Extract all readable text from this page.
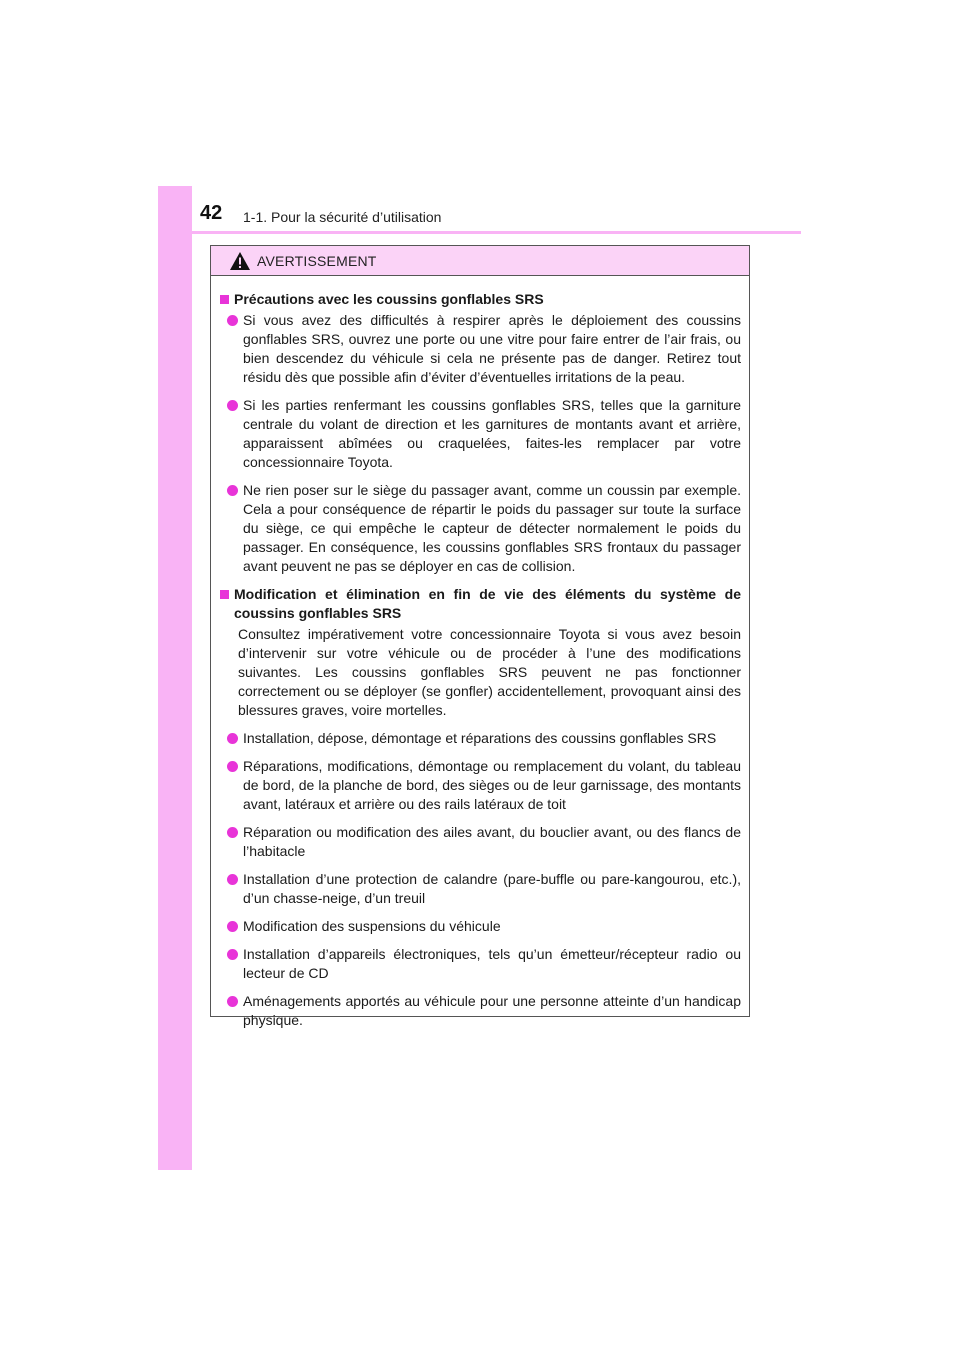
42 1-1. Pour la sécurité d’utilisation
AVERTISSEMENT
Précautions avec les coussins gonflables SRS
Si vous avez des difficultés à respirer après le déploiement des coussins gonflables SRS, ouvrez une porte ou une vitre pour faire entrer de l’air frais, ou bien descendez du véhicule si cela ne présente pas de danger. Retirez tout résidu dès que possible afin d’éviter d’éventuelles irritations de la peau.
Si les parties renfermant les coussins gonflables SRS, telles que la garniture centrale du volant de direction et les garnitures de montants avant et arrière, apparaissent abîmées ou craquelées, faites-les remplacer par votre concessionnaire Toyota.
Ne rien poser sur le siège du passager avant, comme un coussin par exemple. Cela a pour conséquence de répartir le poids du passager sur toute la surface du siège, ce qui empêche le capteur de détecter normalement le poids du passager. En conséquence, les coussins gonflables SRS frontaux du passager avant peuvent ne pas se déployer en cas de collision.
Modification et élimination en fin de vie des éléments du système de coussins gonflables SRS
Consultez impérativement votre concessionnaire Toyota si vous avez besoin d’intervenir sur votre véhicule ou de procéder à l’une des modifications suivantes. Les coussins gonflables SRS peuvent ne pas fonctionner correctement ou se déployer (se gonfler) accidentellement, provoquant ainsi des blessures graves, voire mortelles.
Installation, dépose, démontage et réparations des coussins gonflables SRS
Réparations, modifications, démontage ou remplacement du volant, du tableau de bord, de la planche de bord, des sièges ou de leur garnissage, des montants avant, latéraux et arrière ou des rails latéraux de toit
Réparation ou modification des ailes avant, du bouclier avant, ou des flancs de l’habitacle
Installation d’une protection de calandre (pare-buffle ou pare-kangourou, etc.), d’un chasse-neige, d’un treuil
Modification des suspensions du véhicule
Installation d’appareils électroniques, tels qu’un émetteur/récepteur radio ou lecteur de CD
Aménagements apportés au véhicule pour une personne atteinte d’un handicap physique.
